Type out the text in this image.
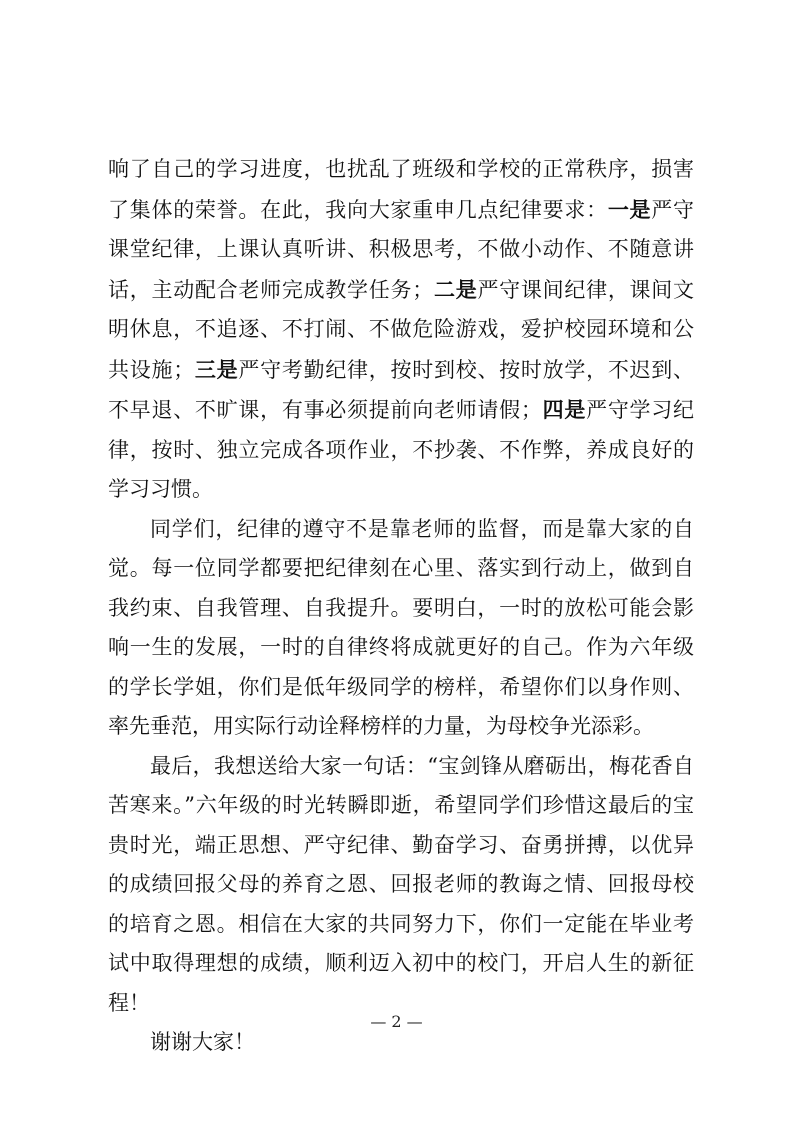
响了自己的学习进度，也扰乱了班级和学校的正常秩序，损害了集体的荣誉。在此，我向大家重申几点纪律要求：一是严守课堂纪律，上课认真听讲、积极思考，不做小动作、不随意讲话，主动配合老师完成教学任务；二是严守课间纪律，课间文明休息，不追逐、不打闹、不做危险游戏，爱护校园环境和公共设施；三是严守考勤纪律，按时到校、按时放学，不迟到、不早退、不旷课，有事必须提前向老师请假；四是严守学习纪律，按时、独立完成各项作业，不抄袭、不作弊，养成良好的学习习惯。

同学们，纪律的遵守不是靠老师的监督，而是靠大家的自觉。每一位同学都要把纪律刻在心里、落实到行动上，做到自我约束、自我管理、自我提升。要明白，一时的放松可能会影响一生的发展，一时的自律终将成就更好的自己。作为六年级的学长学姐，你们是低年级同学的榜样，希望你们以身作则、率先垂范，用实际行动诠释榜样的力量，为母校争光添彩。

最后，我想送给大家一句话：“宝剑锋从磨砺出，梅花香自苦寒来。”六年级的时光转瞬即逝，希望同学们珍惜这最后的宝贵时光，端正思想、严守纪律、勤奋学习、奋勇拼搏，以优异的成绩回报父母的养育之恩、回报老师的教诲之情、回报母校的培育之恩。相信在大家的共同努力下，你们一定能在毕业考试中取得理想的成绩，顺利迈入初中的校门，开启人生的新征程！

谢谢大家！

— 2 —
